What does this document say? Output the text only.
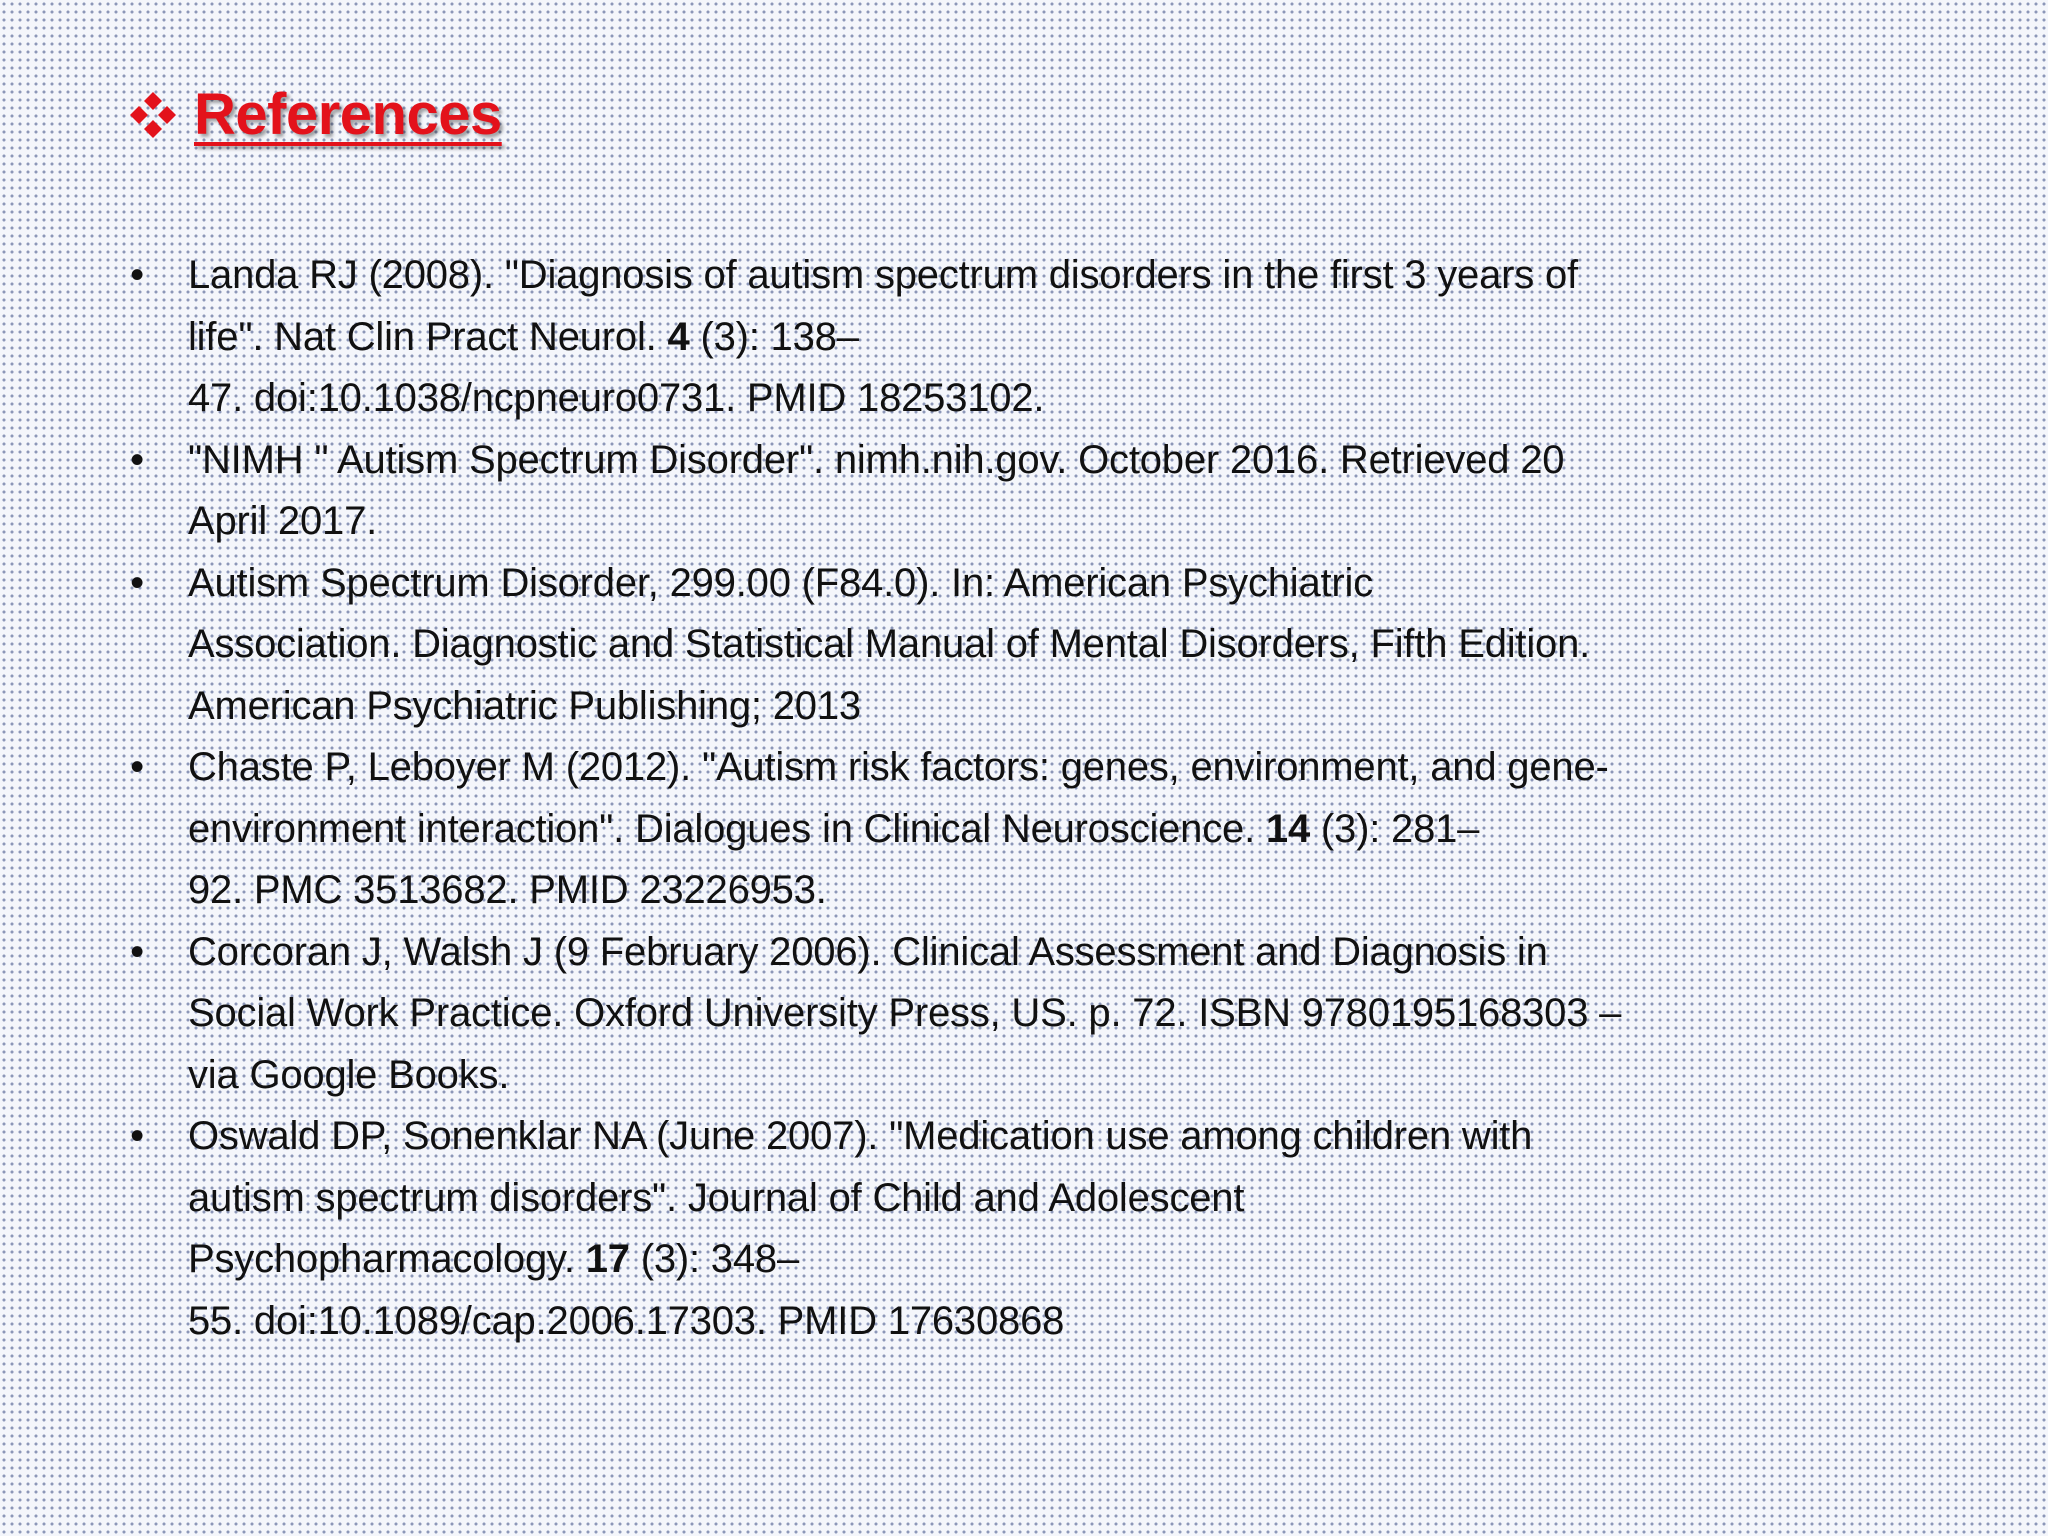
References
• Landa RJ (2008). "Diagnosis of autism spectrum disorders in the first 3 years of
life". Nat Clin Pract Neurol. 4 (3): 138–
47. doi:10.1038/ncpneuro0731. PMID 18253102.
• "NIMH " Autism Spectrum Disorder". nimh.nih.gov. October 2016. Retrieved 20
April 2017.
• Autism Spectrum Disorder, 299.00 (F84.0). In: American Psychiatric
Association. Diagnostic and Statistical Manual of Mental Disorders, Fifth Edition.
American Psychiatric Publishing; 2013
• Chaste P, Leboyer M (2012). "Autism risk factors: genes, environment, and gene-
environment interaction". Dialogues in Clinical Neuroscience. 14 (3): 281–
92. PMC 3513682. PMID 23226953.
• Corcoran J, Walsh J (9 February 2006). Clinical Assessment and Diagnosis in
Social Work Practice. Oxford University Press, US. p. 72. ISBN 9780195168303 –
via Google Books.
• Oswald DP, Sonenklar NA (June 2007). "Medication use among children with
autism spectrum disorders". Journal of Child and Adolescent
Psychopharmacology. 17 (3): 348–
55. doi:10.1089/cap.2006.17303. PMID 17630868
